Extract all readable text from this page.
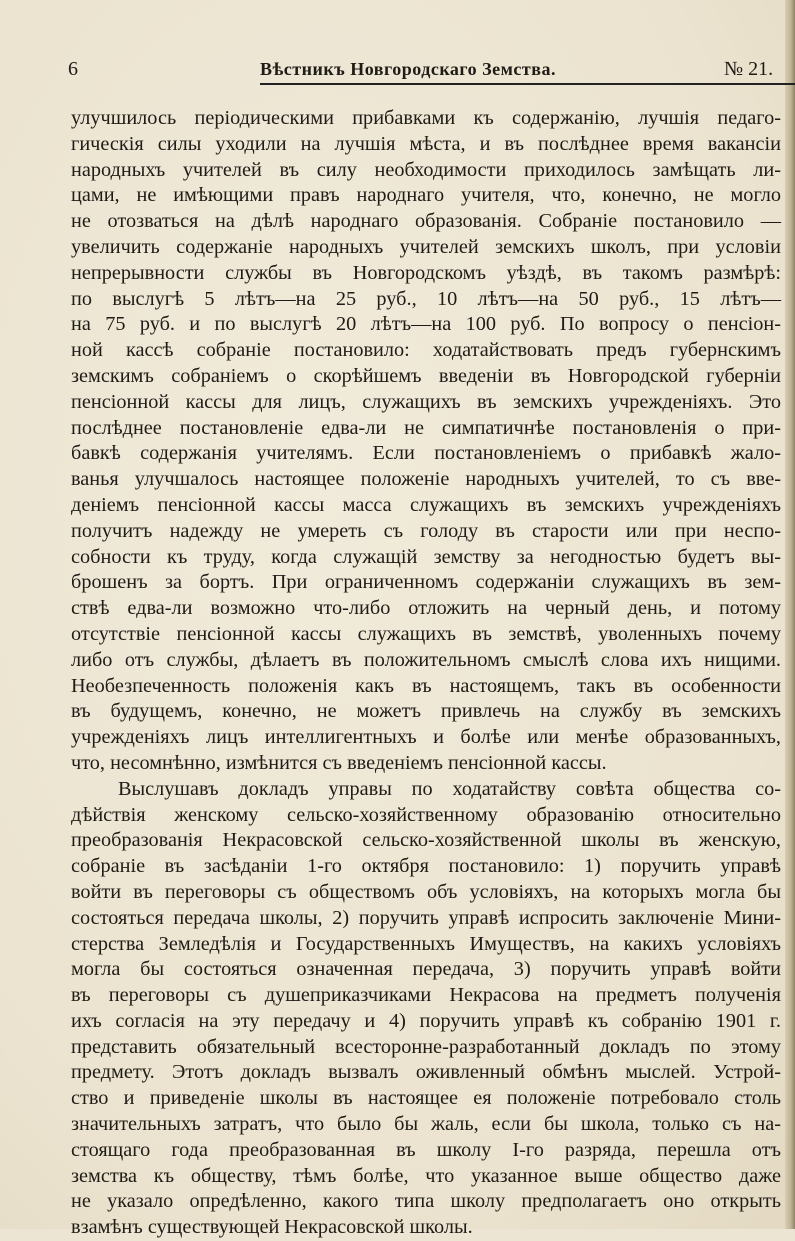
6	Вѣстникъ Новгородскаго Земства.	№ 21.
улучшилось періодическими прибавками къ содержанію, лучшія педаго-
гическія силы уходили на лучшія мѣста, и въ послѣднее время вакансіи
народныхъ учителей въ силу необходимости приходилось замѣщать ли-
цами, не имѣющими правъ народнаго учителя, что, конечно, не могло
не отозваться на дѣлѣ народнаго образованія. Собраніе постановило —
увеличить содержаніе народныхъ учителей земскихъ школъ, при условіи
непрерывности службы въ Новгородскомъ уѣздѣ, въ такомъ размѣрѣ:
по выслугѣ 5 лѣтъ—на 25 руб., 10 лѣтъ—на 50 руб., 15 лѣтъ—
на 75 руб. и по выслугѣ 20 лѣтъ—на 100 руб. По вопросу о пенсіон-
ной кассѣ собраніе постановило: ходатайствовать предъ губернскимъ
земскимъ собраніемъ о скорѣйшемъ введеніи въ Новгородской губерніи
пенсіонной кассы для лицъ, служащихъ въ земскихъ учрежденіяхъ. Это
послѣднее постановленіе едва-ли не симпатичнѣе постановленія о при-
бавкѣ содержанія учителямъ. Если постановленіемъ о прибавкѣ жало-
ванья улучшалось настоящее положеніе народныхъ учителей, то съ вве-
деніемъ пенсіонной кассы масса служащихъ въ земскихъ учрежденіяхъ
получитъ надежду не умереть съ голоду въ старости или при неспо-
собности къ труду, когда служащій земству за негодностью будетъ вы-
брошенъ за бортъ. При ограниченномъ содержаніи служащихъ въ зем-
ствѣ едва-ли возможно что-либо отложить на черный день, и потому
отсутствіе пенсіонной кассы служащихъ въ земствѣ, уволенныхъ почему
либо отъ службы, дѣлаетъ въ положительномъ смыслѣ слова ихъ нищими.
Необезпеченность положенія какъ въ настоящемъ, такъ въ особенности
въ будущемъ, конечно, не можетъ привлечь на службу въ земскихъ
учрежденіяхъ лицъ интеллигентныхъ и болѣе или менѣе образованныхъ,
что, несомнѣнно, измѣнится съ введеніемъ пенсіонной кассы.
Выслушавъ докладъ управы по ходатайству совѣта общества со-
дѣйствія женскому сельско-хозяйственному образованію относительно
преобразованія Некрасовской сельско-хозяйственной школы въ женскую,
собраніе въ засѣданіи 1-го октября постановило: 1) поручить управѣ
войти въ переговоры съ обществомъ объ условіяхъ, на которыхъ могла бы
состояться передача школы, 2) поручить управѣ испросить заключеніе Мини-
стерства Земледѣлія и Государственныхъ Имуществъ, на какихъ условіяхъ
могла бы состояться означенная передача, 3) поручить управѣ войти
въ переговоры съ душеприказчиками Некрасова на предметъ полученія
ихъ согласія на эту передачу и 4) поручить управѣ къ собранію 1901 г.
представить обязательный всесторонне-разработанный докладъ по этому
предмету. Этотъ докладъ вызвалъ оживленный обмѣнъ мыслей. Устрой-
ство и приведеніе школы въ настоящее ея положеніе потребовало столь
значительныхъ затратъ, что было бы жаль, если бы школа, только съ на-
стоящаго года преобразованная въ школу I-го разряда, перешла отъ
земства къ обществу, тѣмъ болѣе, что указанное выше общество даже
не указало опредѣленно, какого типа школу предполагаетъ оно открыть
взамѣнъ существующей Некрасовской школы.
